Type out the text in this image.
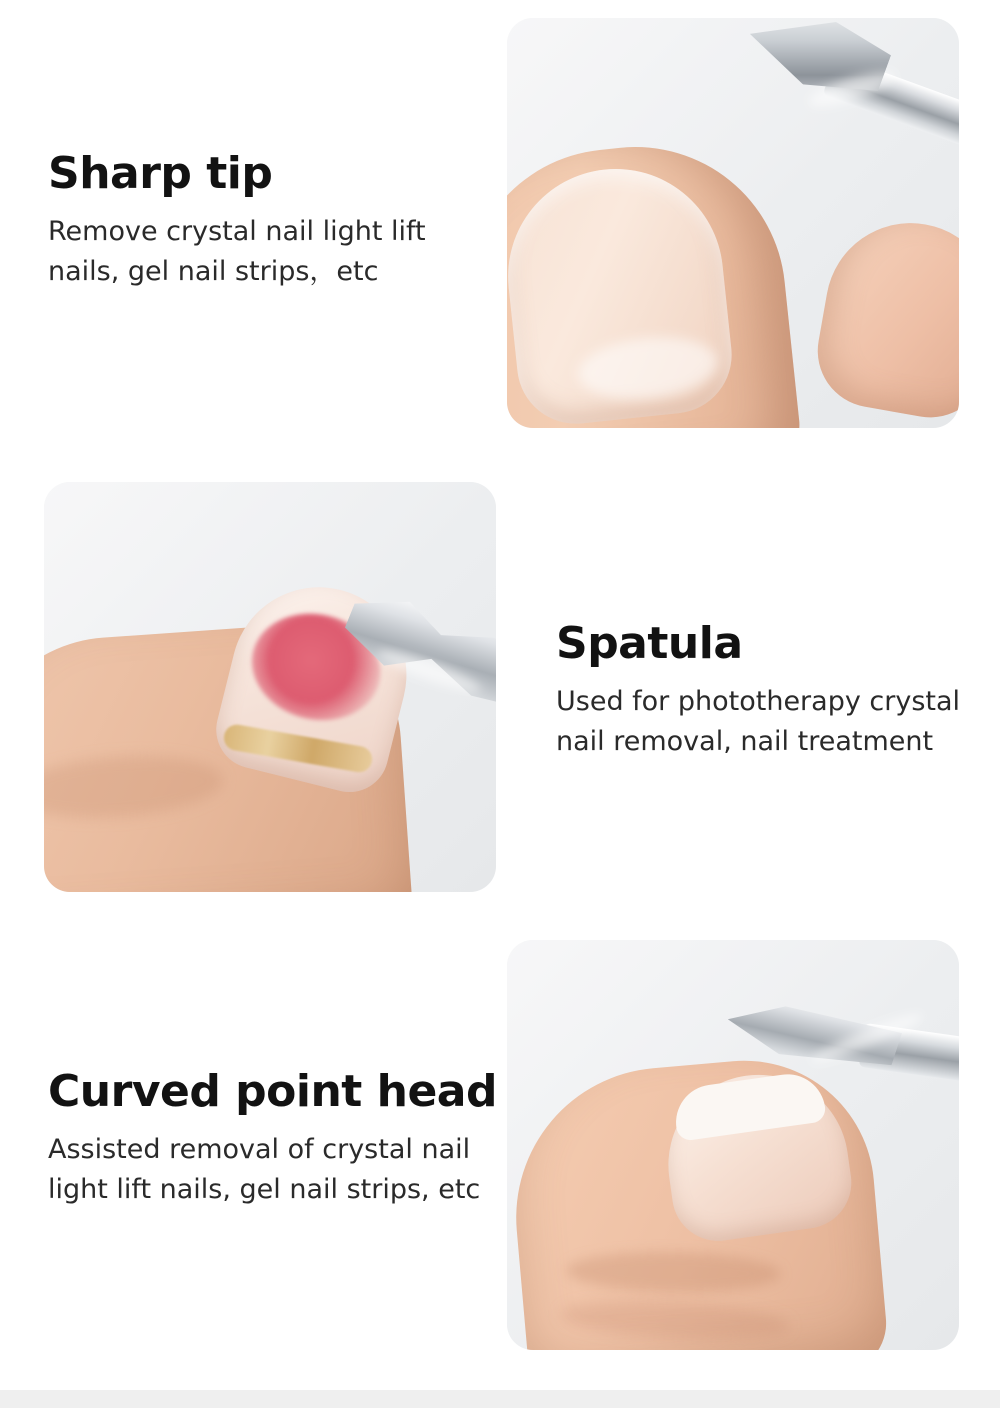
Sharp tip

Remove crystal nail light lift nails, gel nail strips，etc

Spatula

Used for phototherapy crystal nail removal, nail treatment

Curved point head

Assisted removal of crystal nail light lift nails, gel nail strips, etc
